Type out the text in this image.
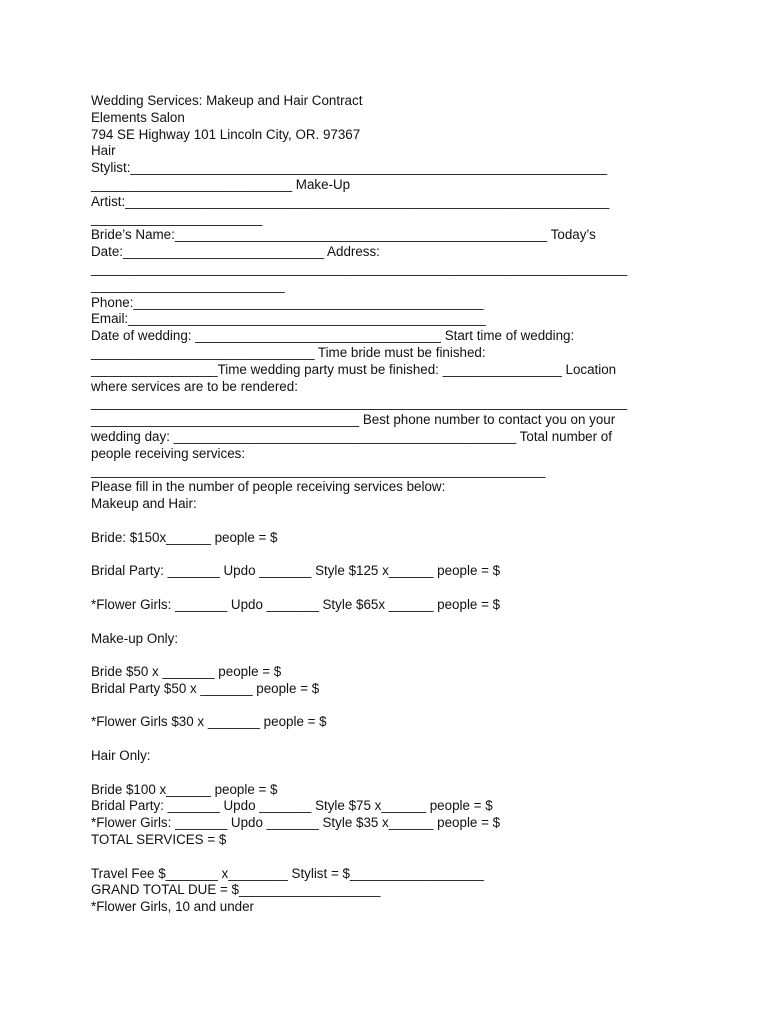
Wedding Services: Makeup and Hair Contract
Elements Salon
794 SE Highway 101 Lincoln City, OR. 97367
Hair
Stylist:________________________________________________________________
___________________________ Make-Up
Artist:_________________________________________________________________
_______________________
Bride’s Name:__________________________________________________ Today’s
Date:___________________________ Address:
________________________________________________________________________
__________________________
Phone:_______________________________________________
Email:________________________________________________
Date of wedding: _________________________________ Start time of wedding:
______________________________ Time bride must be finished:
_________________Time wedding party must be finished: ________________ Location
where services are to be rendered:
________________________________________________________________________
____________________________________ Best phone number to contact you on your
wedding day: ______________________________________________ Total number of
people receiving services:
_____________________________________________________________
Please fill in the number of people receiving services below:
Makeup and Hair:
Bride: $150x______ people = $
Bridal Party: _______ Updo _______ Style $125 x______ people = $
*Flower Girls: _______ Updo _______ Style $65x ______ people = $
Make-up Only:
Bride $50 x _______ people = $
Bridal Party $50 x _______ people = $
*Flower Girls $30 x _______ people = $
Hair Only:
Bride $100 x______ people = $
Bridal Party: _______ Updo _______ Style $75 x______ people = $
*Flower Girls: _______ Updo _______ Style $35 x______ people = $
TOTAL SERVICES = $
Travel Fee $_______ x________ Stylist = $__________________
GRAND TOTAL DUE = $___________________
*Flower Girls, 10 and under
